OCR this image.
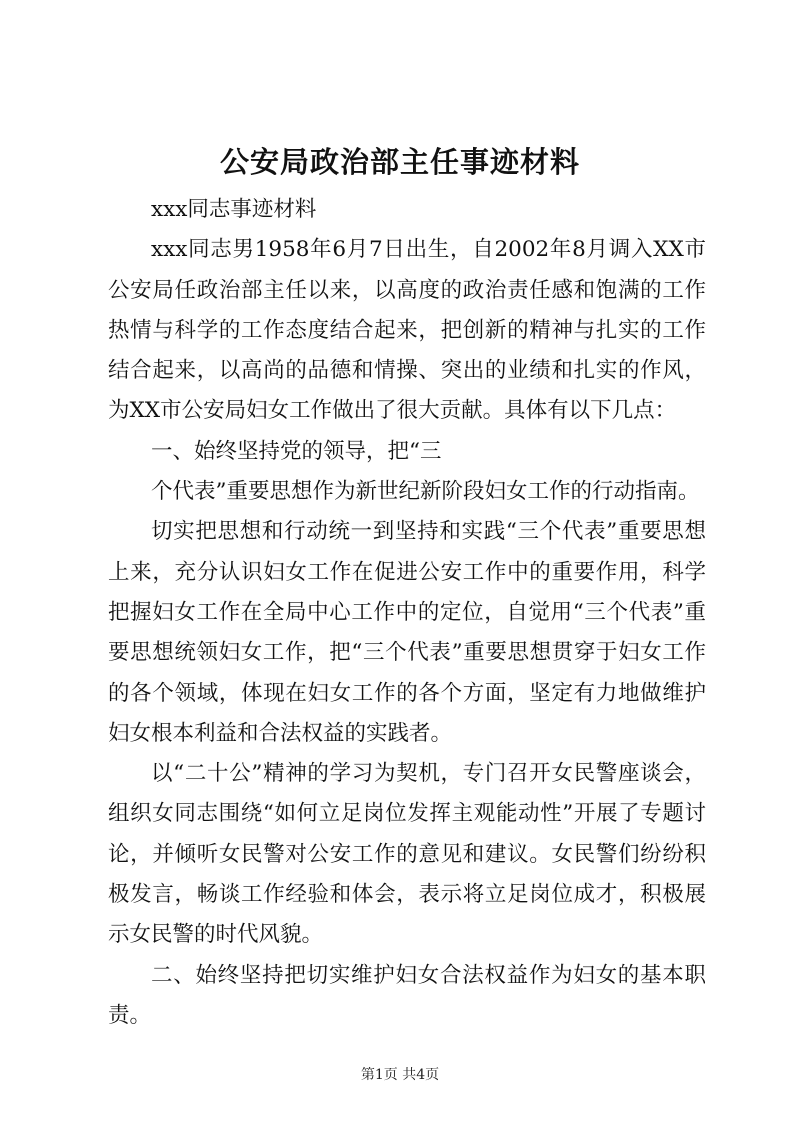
公安局政治部主任事迹材料

xxx同志事迹材料

xxx同志男1958年6月7日出生，自2002年8月调入XX市公安局任政治部主任以来，以高度的政治责任感和饱满的工作热情与科学的工作态度结合起来，把创新的精神与扎实的工作结合起来，以高尚的品德和情操、突出的业绩和扎实的作风，为XX市公安局妇女工作做出了很大贡献。具体有以下几点：

一、始终坚持党的领导，把“三

个代表”重要思想作为新世纪新阶段妇女工作的行动指南。

切实把思想和行动统一到坚持和实践“三个代表”重要思想上来，充分认识妇女工作在促进公安工作中的重要作用，科学把握妇女工作在全局中心工作中的定位，自觉用“三个代表”重要思想统领妇女工作，把“三个代表”重要思想贯穿于妇女工作的各个领域，体现在妇女工作的各个方面，坚定有力地做维护妇女根本利益和合法权益的实践者。

以“二十公”精神的学习为契机，专门召开女民警座谈会，组织女同志围绕“如何立足岗位发挥主观能动性”开展了专题讨论，并倾听女民警对公安工作的意见和建议。女民警们纷纷积极发言，畅谈工作经验和体会，表示将立足岗位成才，积极展示女民警的时代风貌。

二、始终坚持把切实维护妇女合法权益作为妇女的基本职责。

第1页 共4页
